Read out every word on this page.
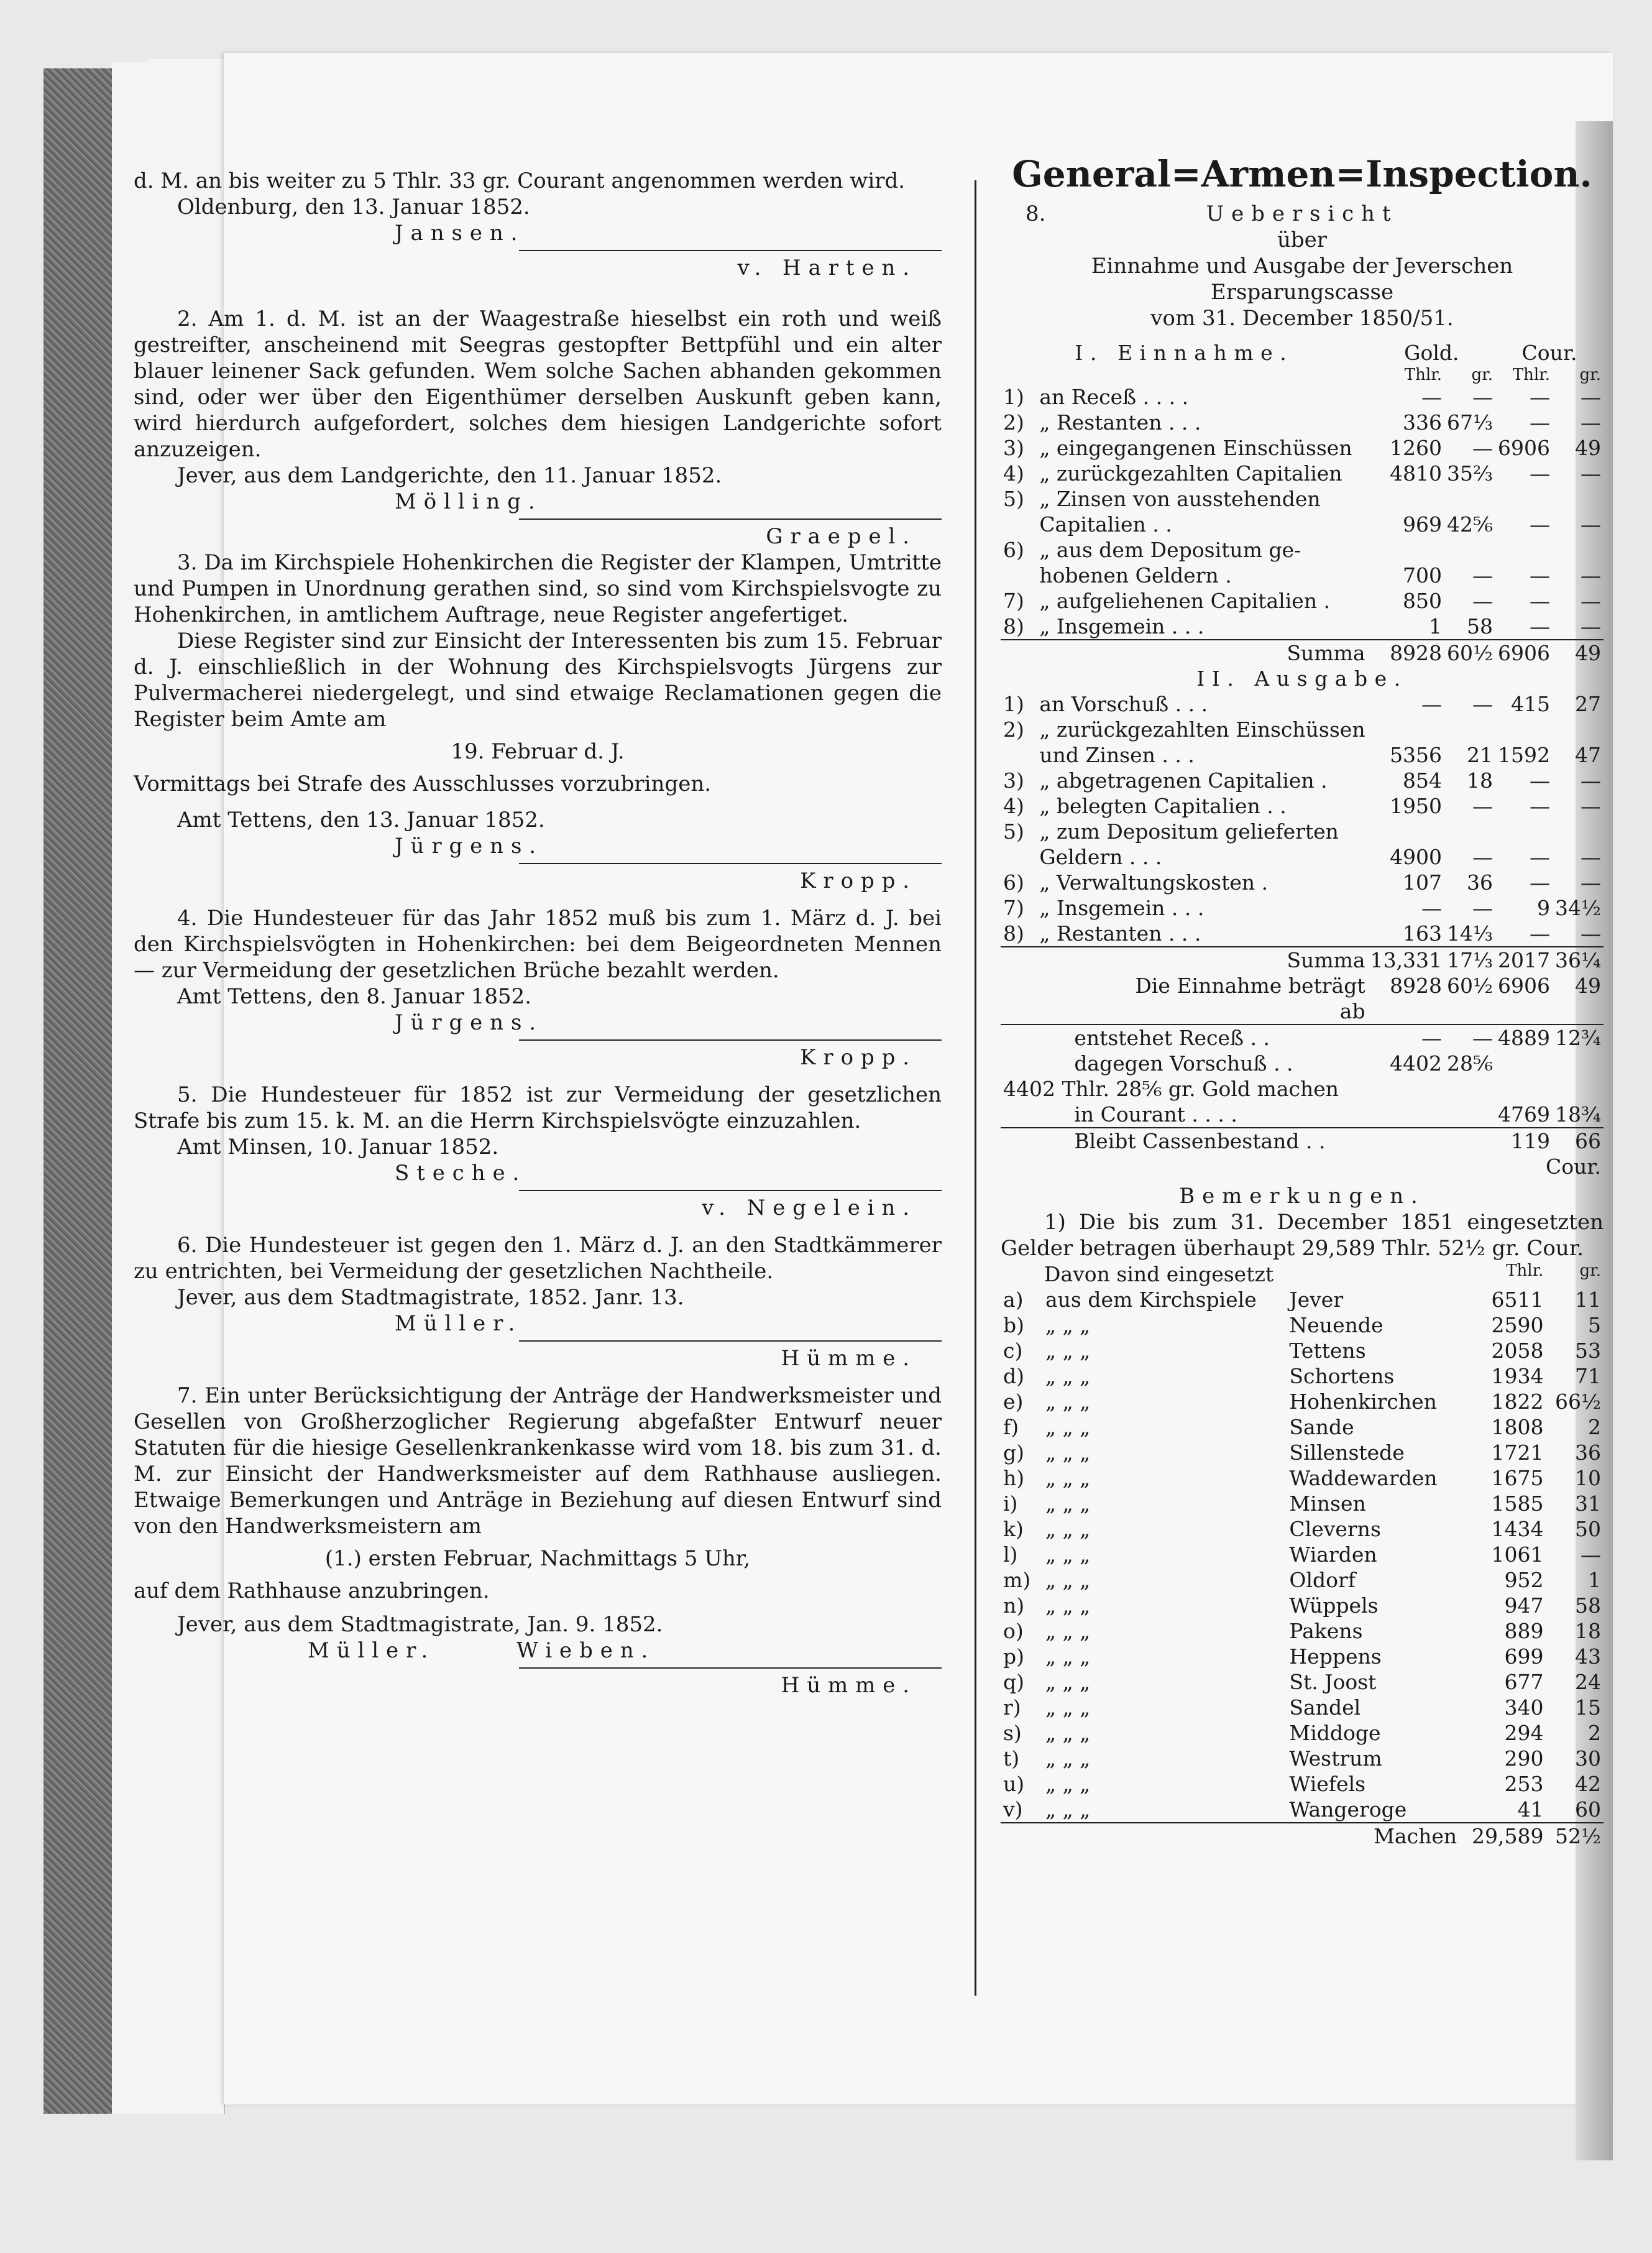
d. M. an bis weiter zu 5 Thlr. 33 gr. Courant angenommen werden wird.

Oldenburg, den 13. Januar 1852.

Jansen.

v. Harten.

2. Am 1. d. M. ist an der Waagestraße hieselbst ein roth und weiß gestreifter, anscheinend mit Seegras gestopfter Bettpfühl und ein alter blauer leinener Sack gefunden. Wem solche Sachen abhanden gekommen sind, oder wer über den Eigenthümer derselben Auskunft geben kann, wird hierdurch aufgefordert, solches dem hiesigen Landgerichte sofort anzuzeigen.

Jever, aus dem Landgerichte, den 11. Januar 1852.

Mölling.

Graepel.

3. Da im Kirchspiele Hohenkirchen die Register der Klampen, Umtritte und Pumpen in Unordnung gerathen sind, so sind vom Kirchspielsvogte zu Hohenkirchen, in amtlichem Auftrage, neue Register angefertiget.

Diese Register sind zur Einsicht der Interessenten bis zum 15. Februar d. J. einschließlich in der Wohnung des Kirchspielsvogts Jürgens zur Pulvermacherei niedergelegt, und sind etwaige Reclamationen gegen die Register beim Amte am

19. Februar d. J.

Vormittags bei Strafe des Ausschlusses vorzubringen.

Amt Tettens, den 13. Januar 1852.

Jürgens.

Kropp.

4. Die Hundesteuer für das Jahr 1852 muß bis zum 1. März d. J. bei den Kirchspielsvögten in Hohenkirchen: bei dem Beigeordneten Mennen — zur Vermeidung der gesetzlichen Brüche bezahlt werden.

Amt Tettens, den 8. Januar 1852.

Jürgens.

Kropp.

5. Die Hundesteuer für 1852 ist zur Vermeidung der gesetzlichen Strafe bis zum 15. k. M. an die Herrn Kirchspielsvögte einzuzahlen.

Amt Minsen, 10. Januar 1852.

Steche.

v. Negelein.

6. Die Hundesteuer ist gegen den 1. März d. J. an den Stadtkämmerer zu entrichten, bei Vermeidung der gesetzlichen Nachtheile.

Jever, aus dem Stadtmagistrate, 1852. Janr. 13.

Müller.

Hümme.

7. Ein unter Berücksichtigung der Anträge der Handwerksmeister und Gesellen von Großherzoglicher Regierung abgefaßter Entwurf neuer Statuten für die hiesige Gesellenkrankenkasse wird vom 18. bis zum 31. d. M. zur Einsicht der Handwerksmeister auf dem Rathhause ausliegen. Etwaige Bemerkungen und Anträge in Beziehung auf diesen Entwurf sind von den Handwerksmeistern am

(1.) ersten Februar, Nachmittags 5 Uhr,

auf dem Rathhause anzubringen.

Jever, aus dem Stadtmagistrate, Jan. 9. 1852.

Müller.	Wieben.

Hümme.

General=Armen=Inspection.

8.	Uebersicht

über

Einnahme und Ausgabe der Jeverschen Ersparungscasse

vom 31. December 1850/51.

I. Einnahme.		Gold.		Cour.	
		Thlr.	gr.	Thlr.	gr.
1)	an Receß . . . .	—	—	—	—
2)	„ Restanten . . .	336	67⅓	—	—
3)	„ eingegangenen Einschüssen	1260	—	6906	49
4)	„ zurückgezahlten Capitalien	4810	35⅔	—	—
5)	„ Zinsen von ausstehenden				
	Capitalien . .	969	42⅚	—	—
6)	„ aus dem Depositum ge-				
	hobenen Geldern .	700	—	—	—
7)	„ aufgeliehenen Capitalien .	850	—	—	—
8)	„ Insgemein . . .	1	58	—	—
	Summa	8928	60½	6906	49
II. Ausgabe.					
1)	an Vorschuß . . .	—	—	415	27
2)	„ zurückgezahlten Einschüssen				
	und Zinsen . . .	5356	21	1592	47
3)	„ abgetragenen Capitalien .	854	18	—	—
4)	„ belegten Capitalien . .	1950	—	—	—
5)	„ zum Depositum gelieferten				
	Geldern . . .	4900	—	—	—
6)	„ Verwaltungskosten .	107	36	—	—
7)	„ Insgemein . . .	—	—	9	34½
8)	„ Restanten . . .	163	14⅓	—	—
	Summa	13,331	17⅓	2017	36¼
	Die Einnahme beträgt	8928	60½	6906	49
	ab				
	entstehet Receß . .	—	—	4889	12¾
	dagegen Vorschuß . .	4402	28⅚		
4402 Thlr. 28⅚ gr. Gold machen					
	in Courant . . . .			4769	18¾
	Bleibt Cassenbestand . .			119	66
Cour.					

Bemerkungen.

1) Die bis zum 31. December 1851 eingesetzten Gelder betragen überhaupt 29,589 Thlr. 52½ gr. Cour.

Davon sind eingesetzt			Thlr.	gr.
a)	aus dem Kirchspiele	Jever	6511	11
b)	„ „ „	Neuende	2590	5
c)	„ „ „	Tettens	2058	53
d)	„ „ „	Schortens	1934	71
e)	„ „ „	Hohenkirchen	1822	66½
f)	„ „ „	Sande	1808	2
g)	„ „ „	Sillenstede	1721	36
h)	„ „ „	Waddewarden	1675	10
i)	„ „ „	Minsen	1585	31
k)	„ „ „	Cleverns	1434	50
l)	„ „ „	Wiarden	1061	—
m)	„ „ „	Oldorf	952	1
n)	„ „ „	Wüppels	947	58
o)	„ „ „	Pakens	889	18
p)	„ „ „	Heppens	699	43
q)	„ „ „	St. Joost	677	24
r)	„ „ „	Sandel	340	15
s)	„ „ „	Middoge	294	2
t)	„ „ „	Westrum	290	30
u)	„ „ „	Wiefels	253	42
v)	„ „ „	Wangeroge	41	60
		Machen	29,589	52½
